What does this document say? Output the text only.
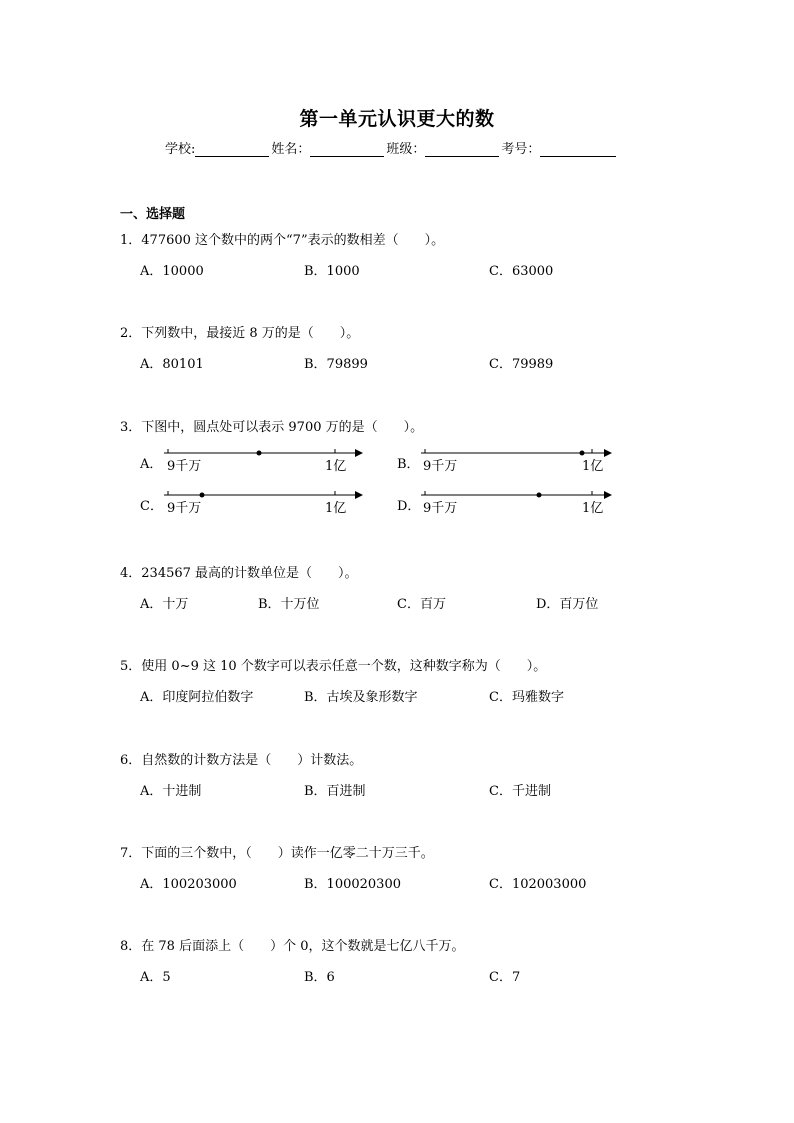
第一单元认识更大的数
学校:	姓名：	班级：	考号：
一、选择题
1．477600 这个数中的两个“7”表示的数相差（　　）。
A．10000	B．1000	C．63000
2．下列数中，最接近 8 万的是（　　）。
A．80101	B．79899	C．79989
3．下图中，圆点处可以表示 9700 万的是（　　）。
A．	B．
C．	D．
9千万	1亿	9千万	1亿
9千万	1亿	9千万	1亿
4．234567 最高的计数单位是（　　）。
A．十万	B．十万位	C．百万	D．百万位
5．使用 0~9 这 10 个数字可以表示任意一个数，这种数字称为（　　）。
A．印度阿拉伯数字	B．古埃及象形数字	C．玛雅数字
6．自然数的计数方法是（　　）计数法。
A．十进制	B．百进制	C．千进制
7．下面的三个数中，（　　）读作一亿零二十万三千。
A．100203000	B．100020300	C．102003000
8．在 78 后面添上（　　）个 0，这个数就是七亿八千万。
A．5	B．6	C．7
